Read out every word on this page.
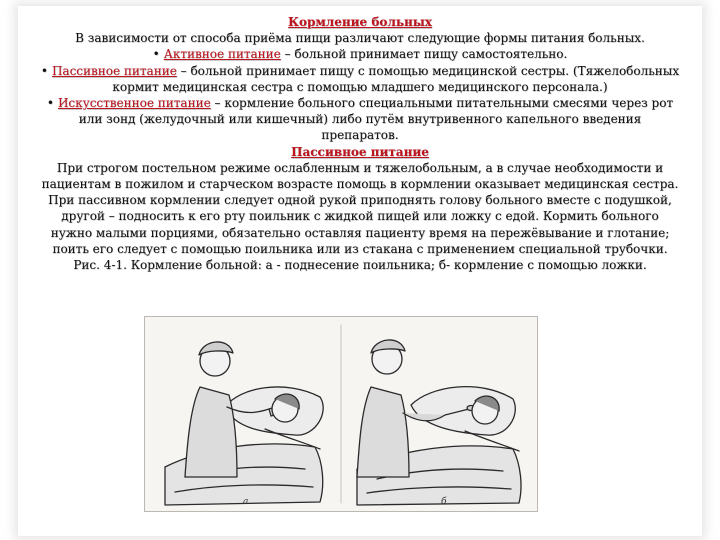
Кормление больных

В зависимости от способа приёма пищи различают следующие формы питания больных.

• Активное питание – больной принимает пищу самостоятельно.

• Пассивное питание – больной принимает пищу с помощью медицинской сестры. (Тяжелобольных кормит медицинская сестра с помощью младшего медицинского персонала.)

• Искусственное питание – кормление больного специальными питательными смесями через рот или зонд (желудочный или кишечный) либо путём внутривенного капельного введения препаратов.

Пассивное питание

При строгом постельном режиме ослабленным и тяжелобольным, а в случае необходимости и пациентам в пожилом и старческом возрасте помощь в кормлении оказывает медицинская сестра. При пассивном кормлении следует одной рукой приподнять голову больного вместе с подушкой, другой – подносить к его рту поильник с жидкой пищей или ложку с едой. Кормить больного нужно малыми порциями, обязательно оставляя пациенту время на пережёвывание и глотание; поить его следует с помощью поильника или из стакана с применением специальной трубочки.

Рис. 4-1. Кормление больной: а - поднесение поильника; б- кормление с помощью ложки.

а	б
